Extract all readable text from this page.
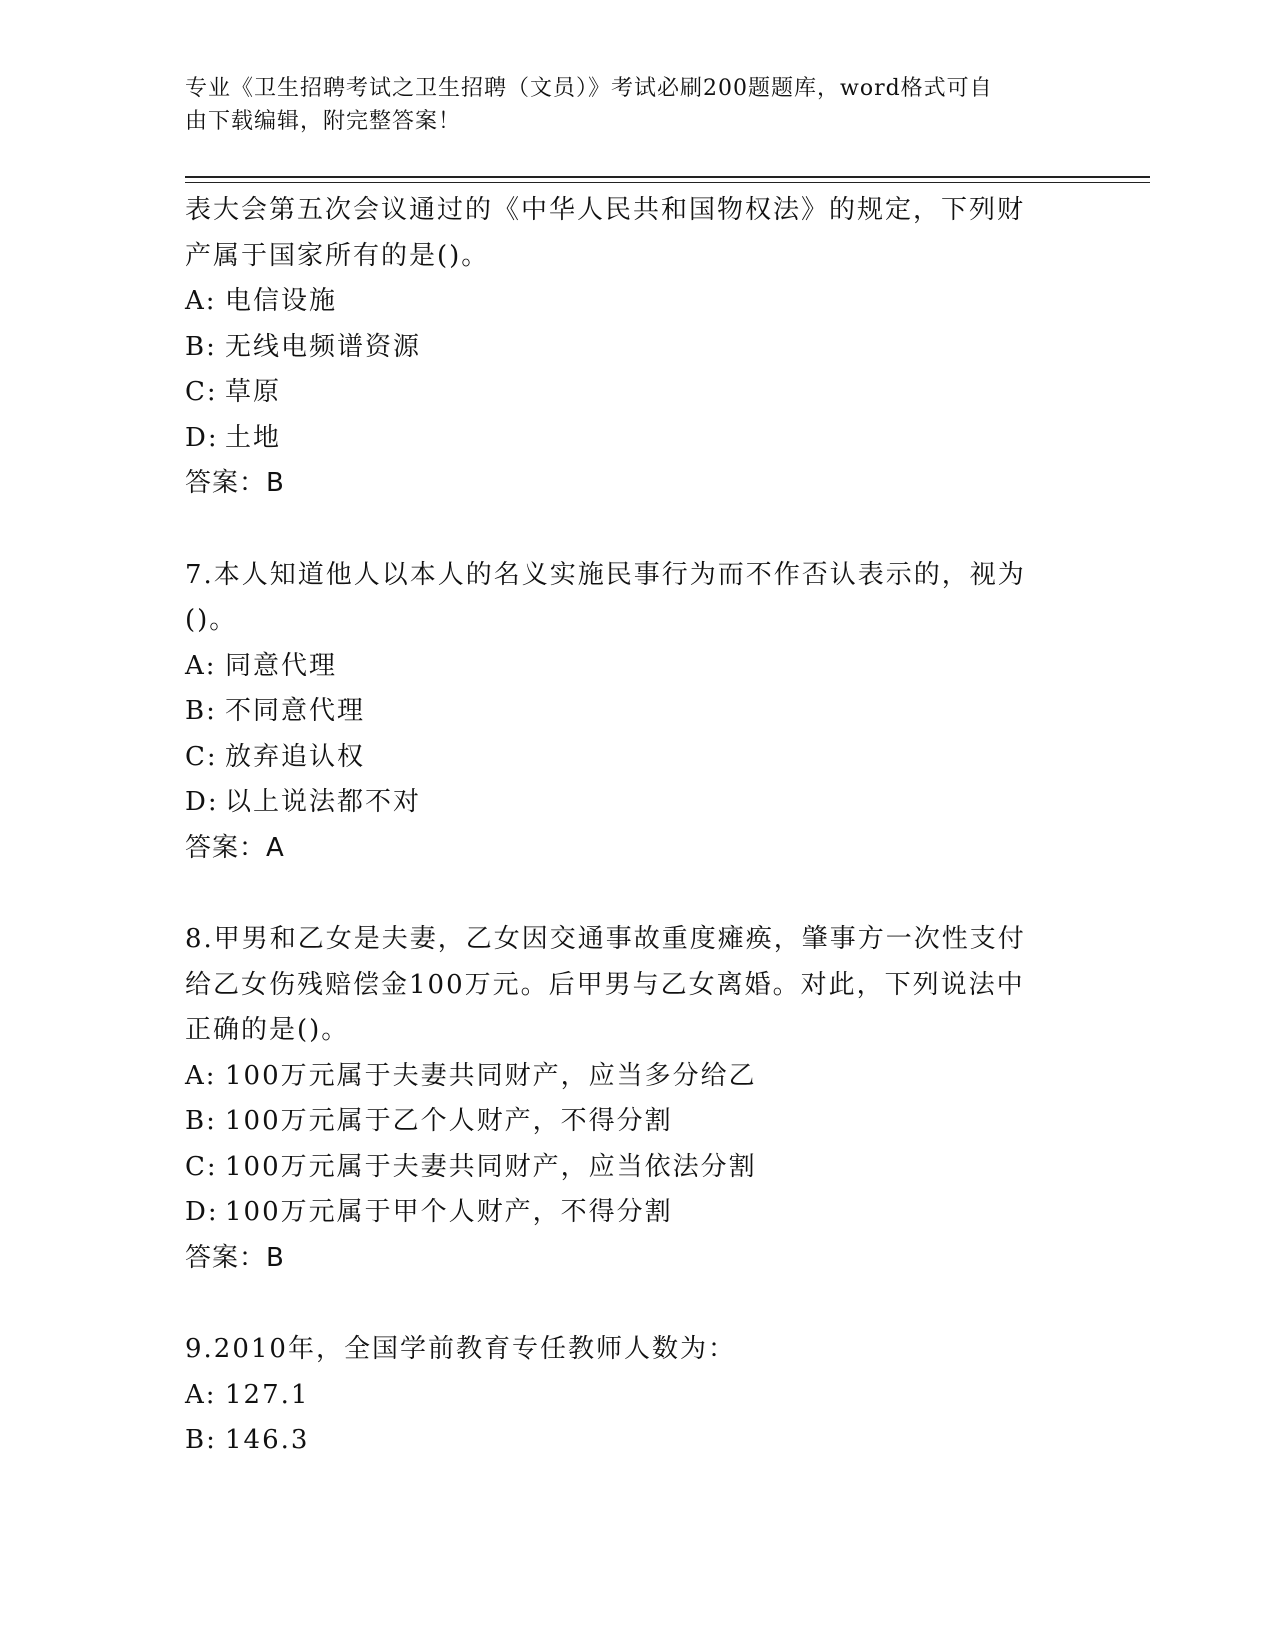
专业《卫生招聘考试之卫生招聘（文员）》考试必刷200题题库，word格式可自
由下载编辑，附完整答案！
表大会第五次会议通过的《中华人民共和国物权法》的规定，下列财
产属于国家所有的是()。
A: 电信设施
B: 无线电频谱资源
C: 草原
D: 土地
答案：B
7.本人知道他人以本人的名义实施民事行为而不作否认表示的，视为
()。
A: 同意代理
B: 不同意代理
C: 放弃追认权
D: 以上说法都不对
答案：A
8.甲男和乙女是夫妻，乙女因交通事故重度瘫痪，肇事方一次性支付
给乙女伤残赔偿金100万元。后甲男与乙女离婚。对此，下列说法中
正确的是()。
A: 100万元属于夫妻共同财产，应当多分给乙
B: 100万元属于乙个人财产，不得分割
C: 100万元属于夫妻共同财产，应当依法分割
D: 100万元属于甲个人财产，不得分割
答案：B
9.2010年，全国学前教育专任教师人数为：
A: 127.1
B: 146.3
